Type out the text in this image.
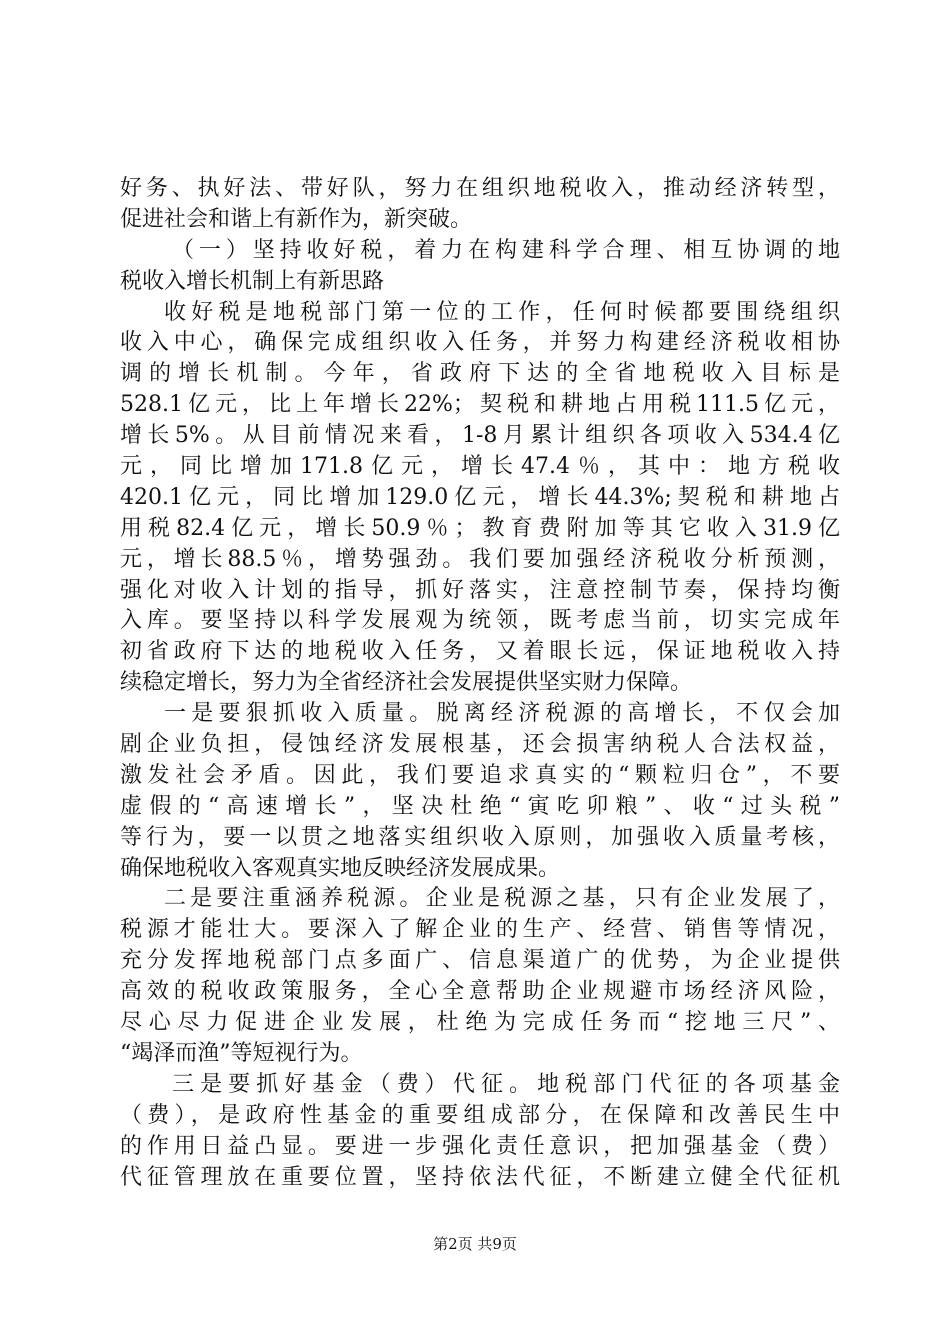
好务、执好法、带好队，努力在组织地税收入，推动经济转型，
促进社会和谐上有新作为，新突破。
（一）坚持收好税，着力在构建科学合理、相互协调的地
税收入增长机制上有新思路
收好税是地税部门第一位的工作，任何时候都要围绕组织
收入中心，确保完成组织收入任务，并努力构建经济税收相协
调的增长机制。今年，省政府下达的全省地税收入目标是
528.1亿元，比上年增长22%；契税和耕地占用税111.5亿元，
增长5%。从目前情况来看，1-8月累计组织各项收入534.4亿
元，同比增加171.8亿元，增长47.4％，其中：地方税收
420.1亿元，同比增加129.0亿元，增长44.3%;契税和耕地占
用税82.4亿元，增长50.9％；教育费附加等其它收入31.9亿
元，增长88.5％，增势强劲。我们要加强经济税收分析预测，
强化对收入计划的指导，抓好落实，注意控制节奏，保持均衡
入库。要坚持以科学发展观为统领，既考虑当前，切实完成年
初省政府下达的地税收入任务，又着眼长远，保证地税收入持
续稳定增长，努力为全省经济社会发展提供坚实财力保障。
一是要狠抓收入质量。脱离经济税源的高增长，不仅会加
剧企业负担，侵蚀经济发展根基，还会损害纳税人合法权益，
激发社会矛盾。因此，我们要追求真实的“颗粒归仓”，不要
虚假的“高速增长”，坚决杜绝“寅吃卯粮”、收“过头税”
等行为，要一以贯之地落实组织收入原则，加强收入质量考核，
确保地税收入客观真实地反映经济发展成果。
二是要注重涵养税源。企业是税源之基，只有企业发展了，
税源才能壮大。要深入了解企业的生产、经营、销售等情况，
充分发挥地税部门点多面广、信息渠道广的优势，为企业提供
高效的税收政策服务，全心全意帮助企业规避市场经济风险，
尽心尽力促进企业发展，杜绝为完成任务而“挖地三尺”、
“竭泽而渔”等短视行为。
三是要抓好基金（费）代征。地税部门代征的各项基金
（费），是政府性基金的重要组成部分，在保障和改善民生中
的作用日益凸显。要进一步强化责任意识，把加强基金（费）
代征管理放在重要位置，坚持依法代征，不断建立健全代征机
第2页 共9页
